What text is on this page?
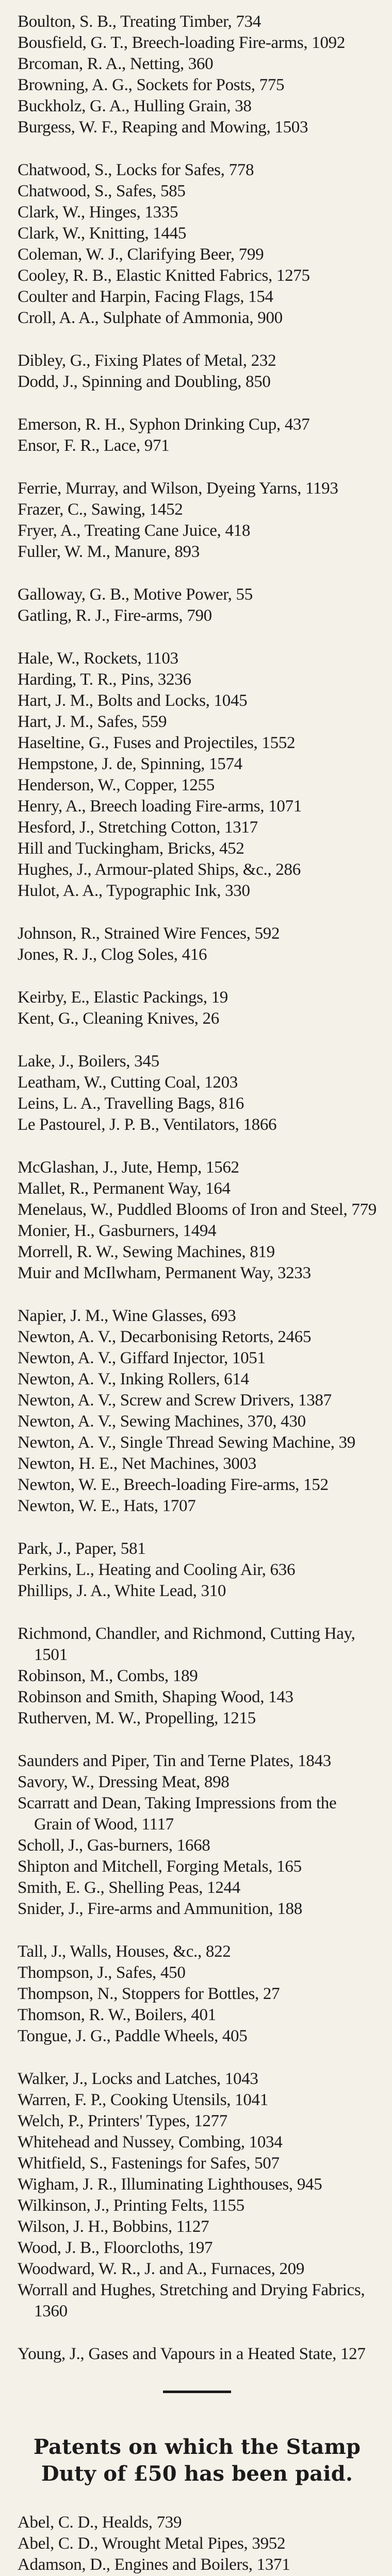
Boulton, S. B., Treating Timber, 734
Bousfield, G. T., Breech-loading Fire-arms, 1092
Brcoman, R. A., Netting, 360
Browning, A. G., Sockets for Posts, 775
Buckholz, G. A., Hulling Grain, 38
Burgess, W. F., Reaping and Mowing, 1503
Chatwood, S., Locks for Safes, 778
Chatwood, S., Safes, 585
Clark, W., Hinges, 1335
Clark, W., Knitting, 1445
Coleman, W. J., Clarifying Beer, 799
Cooley, R. B., Elastic Knitted Fabrics, 1275
Coulter and Harpin, Facing Flags, 154
Croll, A. A., Sulphate of Ammonia, 900
Dibley, G., Fixing Plates of Metal, 232
Dodd, J., Spinning and Doubling, 850
Emerson, R. H., Syphon Drinking Cup, 437
Ensor, F. R., Lace, 971
Ferrie, Murray, and Wilson, Dyeing Yarns, 1193
Frazer, C., Sawing, 1452
Fryer, A., Treating Cane Juice, 418
Fuller, W. M., Manure, 893
Galloway, G. B., Motive Power, 55
Gatling, R. J., Fire-arms, 790
Hale, W., Rockets, 1103
Harding, T. R., Pins, 3236
Hart, J. M., Bolts and Locks, 1045
Hart, J. M., Safes, 559
Haseltine, G., Fuses and Projectiles, 1552
Hempstone, J. de, Spinning, 1574
Henderson, W., Copper, 1255
Henry, A., Breech loading Fire-arms, 1071
Hesford, J., Stretching Cotton, 1317
Hill and Tuckingham, Bricks, 452
Hughes, J., Armour-plated Ships, &c., 286
Hulot, A. A., Typographic Ink, 330
Johnson, R., Strained Wire Fences, 592
Jones, R. J., Clog Soles, 416
Keirby, E., Elastic Packings, 19
Kent, G., Cleaning Knives, 26
Lake, J., Boilers, 345
Leatham, W., Cutting Coal, 1203
Leins, L. A., Travelling Bags, 816
Le Pastourel, J. P. B., Ventilators, 1866
McGlashan, J., Jute, Hemp, 1562
Mallet, R., Permanent Way, 164
Menelaus, W., Puddled Blooms of Iron and Steel, 779
Monier, H., Gasburners, 1494
Morrell, R. W., Sewing Machines, 819
Muir and McIlwham, Permanent Way, 3233
Napier, J. M., Wine Glasses, 693
Newton, A. V., Decarbonising Retorts, 2465
Newton, A. V., Giffard Injector, 1051
Newton, A. V., Inking Rollers, 614
Newton, A. V., Screw and Screw Drivers, 1387
Newton, A. V., Sewing Machines, 370, 430
Newton, A. V., Single Thread Sewing Machine, 39
Newton, H. E., Net Machines, 3003
Newton, W. E., Breech-loading Fire-arms, 152
Newton, W. E., Hats, 1707
Park, J., Paper, 581
Perkins, L., Heating and Cooling Air, 636
Phillips, J. A., White Lead, 310
Richmond, Chandler, and Richmond, Cutting Hay, 1501
Robinson, M., Combs, 189
Robinson and Smith, Shaping Wood, 143
Rutherven, M. W., Propelling, 1215
Saunders and Piper, Tin and Terne Plates, 1843
Savory, W., Dressing Meat, 898
Scarratt and Dean, Taking Impressions from the Grain of Wood, 1117
Scholl, J., Gas-burners, 1668
Shipton and Mitchell, Forging Metals, 165
Smith, E. G., Shelling Peas, 1244
Snider, J., Fire-arms and Ammunition, 188
Tall, J., Walls, Houses, &c., 822
Thompson, J., Safes, 450
Thompson, N., Stoppers for Bottles, 27
Thomson, R. W., Boilers, 401
Tongue, J. G., Paddle Wheels, 405
Walker, J., Locks and Latches, 1043
Warren, F. P., Cooking Utensils, 1041
Welch, P., Printers' Types, 1277
Whitehead and Nussey, Combing, 1034
Whitfield, S., Fastenings for Safes, 507
Wigham, J. R., Illuminating Lighthouses, 945
Wilkinson, J., Printing Felts, 1155
Wilson, J. H., Bobbins, 1127
Wood, J. B., Floorcloths, 197
Woodward, W. R., J. and A., Furnaces, 209
Worrall and Hughes, Stretching and Drying Fabrics, 1360
Young, J., Gases and Vapours in a Heated State, 127
Patents on which the Stamp Duty of £50 has been paid.
Abel, C. D., Healds, 739
Abel, C. D., Wrought Metal Pipes, 3952
Adamson, D., Engines and Boilers, 1371
